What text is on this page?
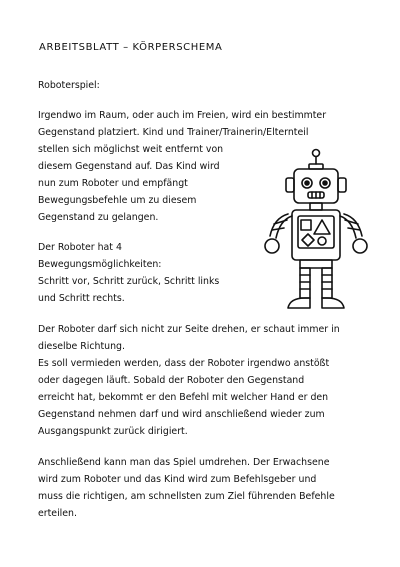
ARBEITSBLATT – KÖRPERSCHEMA
Roboterspiel:
Irgendwo im Raum, oder auch im Freien, wird ein bestimmter
Gegenstand platziert. Kind und Trainer/Trainerin/Elternteil
stellen sich möglichst weit entfernt von
diesem Gegenstand auf. Das Kind wird
nun zum Roboter und empfängt
Bewegungsbefehle um zu diesem
Gegenstand zu gelangen.
Der Roboter hat 4
Bewegungsmöglichkeiten:
Schritt vor, Schritt zurück, Schritt links
und Schritt rechts.
Der Roboter darf sich nicht zur Seite drehen, er schaut immer in
dieselbe Richtung.
Es soll vermieden werden, dass der Roboter irgendwo anstößt
oder dagegen läuft. Sobald der Roboter den Gegenstand
erreicht hat, bekommt er den Befehl mit welcher Hand er den
Gegenstand nehmen darf und wird anschließend wieder zum
Ausgangspunkt zurück dirigiert.
Anschließend kann man das Spiel umdrehen. Der Erwachsene
wird zum Roboter und das Kind wird zum Befehlsgeber und
muss die richtigen, am schnellsten zum Ziel führenden Befehle
erteilen.
